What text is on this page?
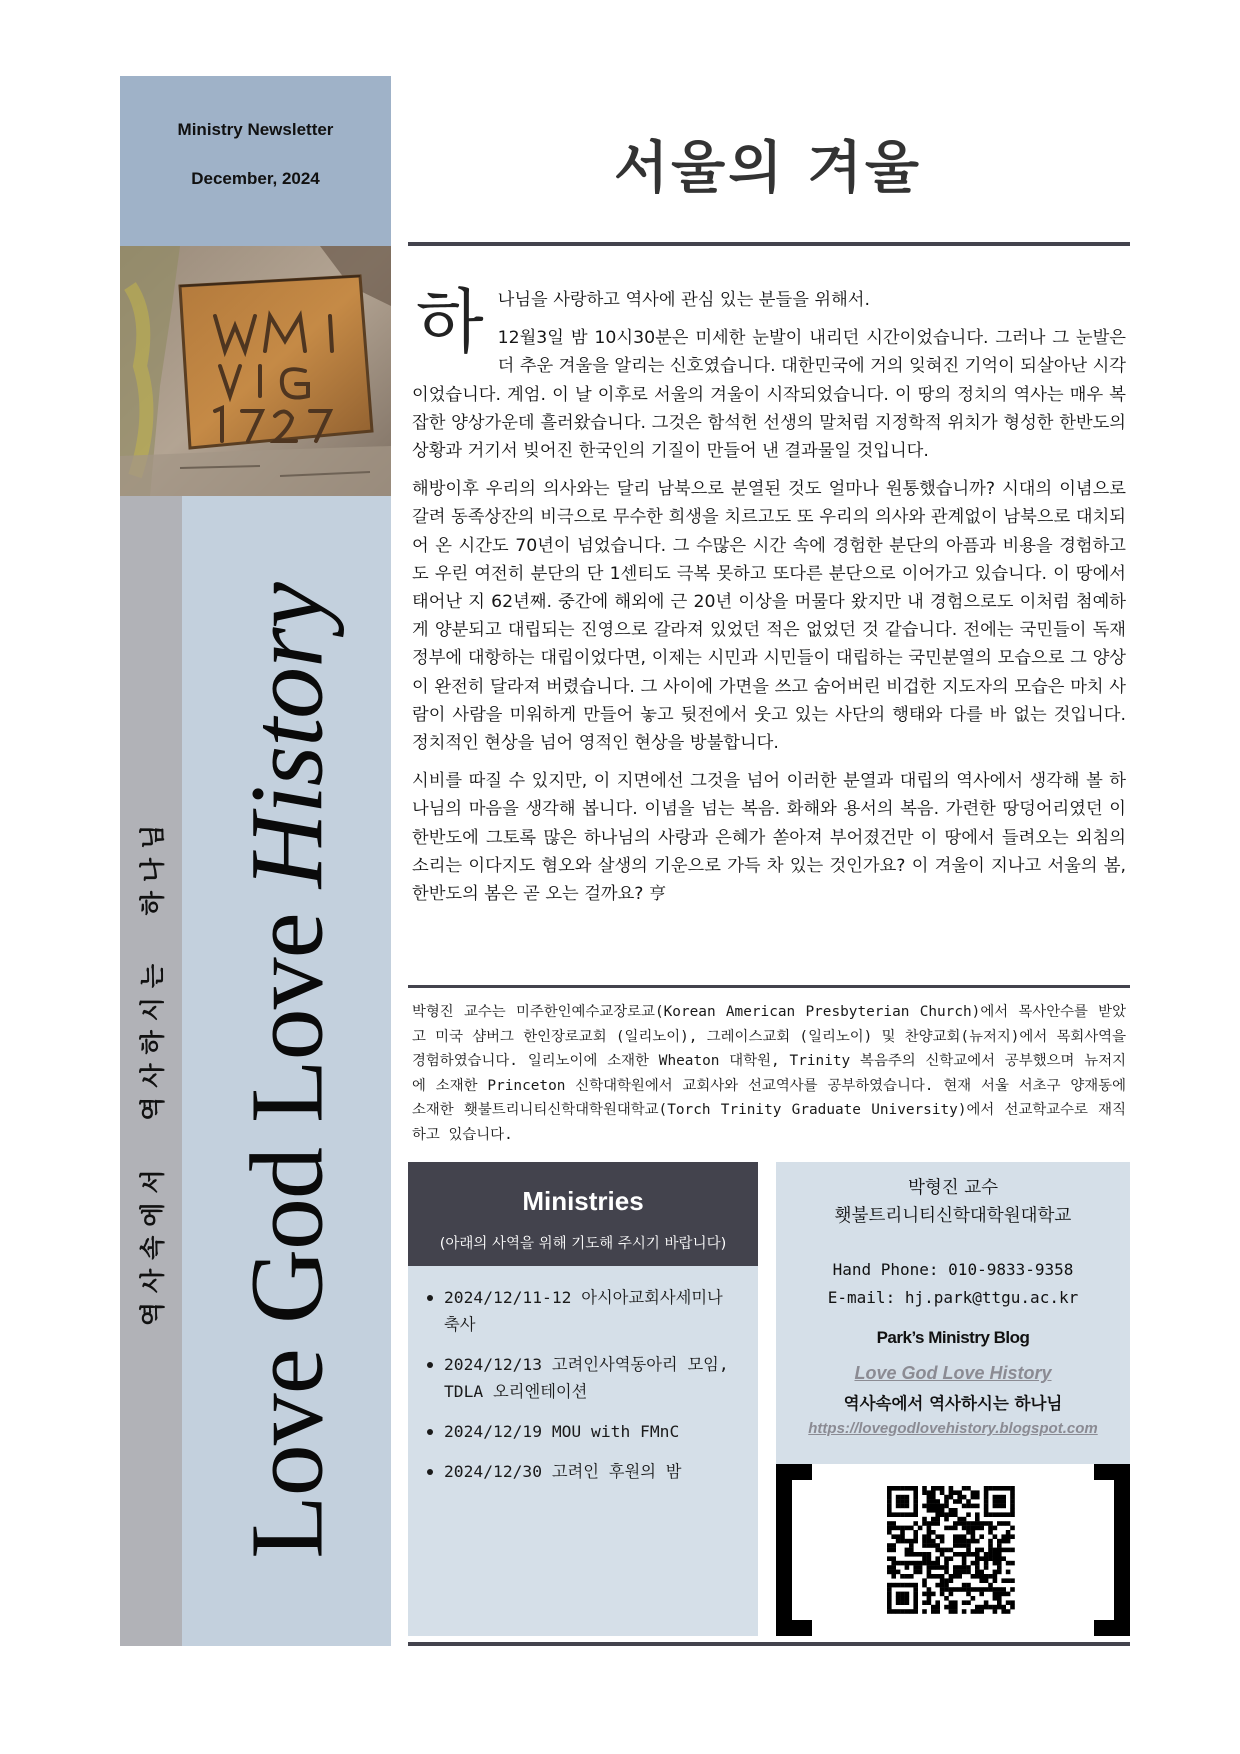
Ministry Newsletter
December, 2024
역사속에서 역사하시는 하나님 Love God Love History
서울의 겨울

하 나님을 사랑하고 역사에 관심 있는 분들을 위해서.

12월3일 밤 10시30분은 미세한 눈발이 내리던 시간이었습니다. 그러나 그 눈발은 더 추운 겨울을 알리는 신호였습니다. 대한민국에 거의 잊혀진 기억이 되살아난 시각이었습니다. 계엄. 이 날 이후로 서울의 겨울이 시작되었습니다. 이 땅의 정치의 역사는 매우 복잡한 양상가운데 흘러왔습니다. 그것은 함석헌 선생의 말처럼 지정학적 위치가 형성한 한반도의 상황과 거기서 빚어진 한국인의 기질이 만들어 낸 결과물일 것입니다.

해방이후 우리의 의사와는 달리 남북으로 분열된 것도 얼마나 원통했습니까? 시대의 이념으로 갈려 동족상잔의 비극으로 무수한 희생을 치르고도 또 우리의 의사와 관계없이 남북으로 대치되어 온 시간도 70년이 넘었습니다. 그 수많은 시간 속에 경험한 분단의 아픔과 비용을 경험하고도 우린 여전히 분단의 단 1센티도 극복 못하고 또다른 분단으로 이어가고 있습니다. 이 땅에서 태어난 지 62년째. 중간에 해외에 근 20년 이상을 머물다 왔지만 내 경험으로도 이처럼 첨예하게 양분되고 대립되는 진영으로 갈라져 있었던 적은 없었던 것 같습니다. 전에는 국민들이 독재정부에 대항하는 대립이었다면, 이제는 시민과 시민들이 대립하는 국민분열의 모습으로 그 양상이 완전히 달라져 버렸습니다. 그 사이에 가면을 쓰고 숨어버린 비겁한 지도자의 모습은 마치 사람이 사람을 미워하게 만들어 놓고 뒷전에서 웃고 있는 사단의 행태와 다를 바 없는 것입니다. 정치적인 현상을 넘어 영적인 현상을 방불합니다.

시비를 따질 수 있지만, 이 지면에선 그것을 넘어 이러한 분열과 대립의 역사에서 생각해 볼 하나님의 마음을 생각해 봅니다. 이념을 넘는 복음. 화해와 용서의 복음. 가련한 땅덩어리였던 이 한반도에 그토록 많은 하나님의 사랑과 은혜가 쏟아져 부어졌건만 이 땅에서 들려오는 외침의 소리는 이다지도 혐오와 살생의 기운으로 가득 차 있는 것인가요? 이 겨울이 지나고 서울의 봄, 한반도의 봄은 곧 오는 걸까요? 亨

박형진 교수는 미주한인예수교장로교(Korean American Presbyterian Church)에서 목사안수를 받았고 미국 샴버그 한인장로교회 (일리노이), 그레이스교회 (일리노이) 및 찬양교회(뉴저지)에서 목회사역을 경험하였습니다. 일리노이에 소재한 Wheaton 대학원, Trinity 복음주의 신학교에서 공부했으며 뉴저지에 소재한 Princeton 신학대학원에서 교회사와 선교역사를 공부하였습니다. 현재 서울 서초구 양재동에 소재한 횃불트리니티신학대학원대학교(Torch Trinity Graduate University)에서 선교학교수로 재직하고 있습니다.

Ministries
(아래의 사역을 위해 기도해 주시기 바랍니다)
2024/12/11-12 아시아교회사세미나 축사
2024/12/13 고려인사역동아리 모임, TDLA 오리엔테이션
2024/12/19 MOU with FMnC
2024/12/30 고려인 후원의 밤
박형진 교수
횃불트리니티신학대학원대학교
Hand Phone: 010-9833-9358
E-mail: hj.park@ttgu.ac.kr
Park’s Ministry Blog
Love God Love History
역사속에서 역사하시는 하나님
https://lovegodlovehistory.blogspot.com
